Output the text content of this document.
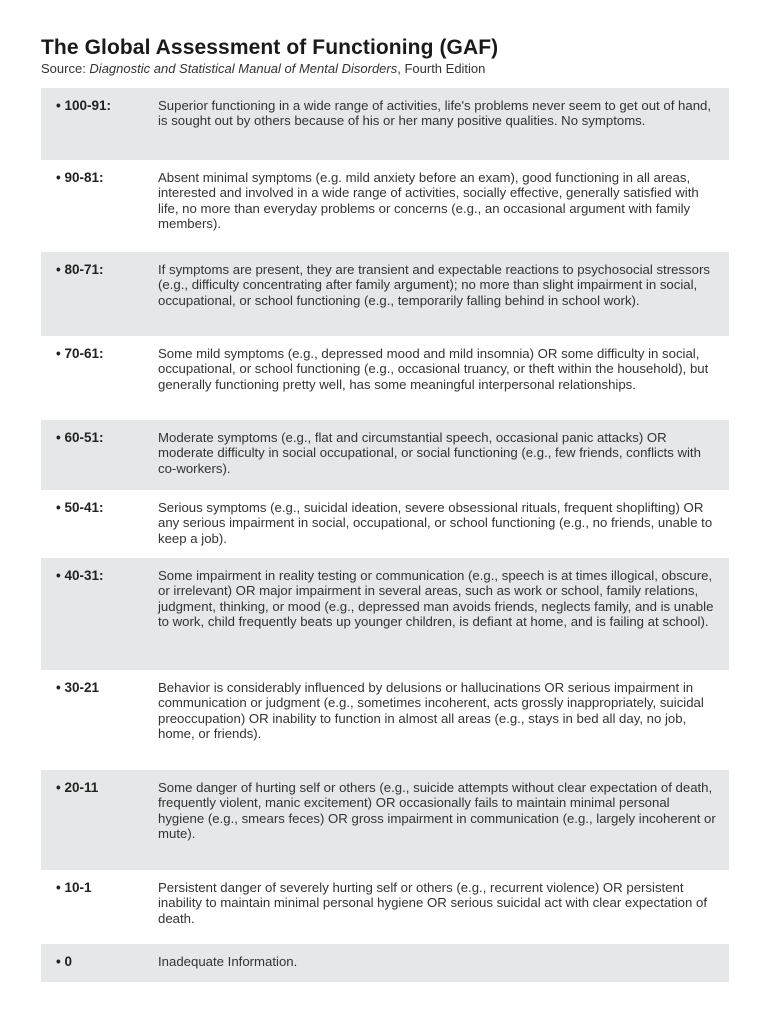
The Global Assessment of Functioning (GAF)
Source: Diagnostic and Statistical Manual of Mental Disorders, Fourth Edition
• 100-91:	Superior functioning in a wide range of activities, life's problems never seem to get out of hand, is sought out by others because of his or her many positive qualities. No symptoms.
• 90-81:	Absent minimal symptoms (e.g. mild anxiety before an exam), good functioning in all areas, interested and involved in a wide range of activities, socially effective, generally satisfied with life, no more than everyday problems or concerns (e.g., an occasional argument with family members).
• 80-71:	If symptoms are present, they are transient and expectable reactions to psychosocial stressors (e.g., difficulty concentrating after family argument); no more than slight impairment in social, occupational, or school functioning (e.g., temporarily falling behind in school work).
• 70-61:	Some mild symptoms (e.g., depressed mood and mild insomnia) OR some difficulty in social, occupational, or school functioning (e.g., occasional truancy, or theft within the household), but generally functioning pretty well, has some meaningful interpersonal relationships.
• 60-51:	Moderate symptoms (e.g., flat and circumstantial speech, occasional panic attacks) OR moderate difficulty in social occupational, or social functioning (e.g., few friends, conflicts with co-workers).
• 50-41:	Serious symptoms (e.g., suicidal ideation, severe obsessional rituals, frequent shoplifting) OR any serious impairment in social, occupational, or school functioning (e.g., no friends, unable to keep a job).
• 40-31:	Some impairment in reality testing or communication (e.g., speech is at times illogical, obscure, or irrelevant) OR major impairment in several areas, such as work or school, family relations, judgment, thinking, or mood (e.g., depressed man avoids friends, neglects family, and is unable to work, child frequently beats up younger children, is defiant at home, and is failing at school).
• 30-21	Behavior is considerably influenced by delusions or hallucinations OR serious impairment in communication or judgment (e.g., sometimes incoherent, acts grossly inappropriately, suicidal preoccupation) OR inability to function in almost all areas (e.g., stays in bed all day, no job, home, or friends).
• 20-11	Some danger of hurting self or others (e.g., suicide attempts without clear expectation of death, frequently violent, manic excitement) OR occasionally fails to maintain minimal personal hygiene (e.g., smears feces) OR gross impairment in communication (e.g., largely incoherent or mute).
• 10-1	Persistent danger of severely hurting self or others (e.g., recurrent violence) OR persistent inability to maintain minimal personal hygiene OR serious suicidal act with clear expectation of death.
• 0	Inadequate Information.
